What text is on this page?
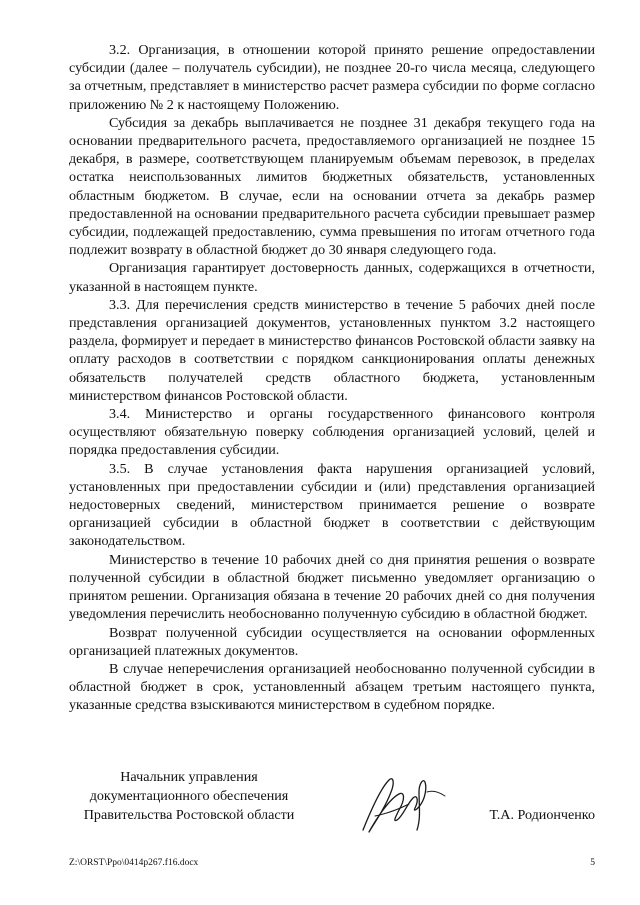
3.2. Организация, в отношении которой принято решение опредоставлении субсидии (далее – получатель субсидии), не позднее 20-го числа месяца, следующего за отчетным, представляет в министерство расчет размера субсидии по форме согласно приложению № 2 к настоящему Положению.

Субсидия за декабрь выплачивается не позднее 31 декабря текущего года на основании предварительного расчета, предоставляемого организацией не позднее 15 декабря, в размере, соответствующем планируемым объемам перевозок, в пределах остатка неиспользованных лимитов бюджетных обязательств, установленных областным бюджетом. В случае, если на основании отчета за декабрь размер предоставленной на основании предварительного расчета субсидии превышает размер субсидии, подлежащей предоставлению, сумма превышения по итогам отчетного года подлежит возврату в областной бюджет до 30 января следующего года.

Организация гарантирует достоверность данных, содержащихся в отчетности, указанной в настоящем пункте.

3.3. Для перечисления средств министерство в течение 5 рабочих дней после представления организацией документов, установленных пунктом 3.2 настоящего раздела, формирует и передает в министерство финансов Ростовской области заявку на оплату расходов в соответствии с порядком санкционирования оплаты денежных обязательств получателей средств областного бюджета, установленным министерством финансов Ростовской области.

3.4. Министерство и органы государственного финансового контроля осуществляют обязательную поверку соблюдения организацией условий, целей и порядка предоставления субсидии.

3.5. В случае установления факта нарушения организацией условий, установленных при предоставлении субсидии и (или) представления организацией недостоверных сведений, министерством принимается решение о возврате организацией субсидии в областной бюджет в соответствии с действующим законодательством.

Министерство в течение 10 рабочих дней со дня принятия решения о возврате полученной субсидии в областной бюджет письменно уведомляет организацию о принятом решении. Организация обязана в течение 20 рабочих дней со дня получения уведомления перечислить необоснованно полученную субсидию в областной бюджет.

Возврат полученной субсидии осуществляется на основании оформленных организацией платежных документов.

В случае неперечисления организацией необоснованно полученной субсидии в областной бюджет в срок, установленный абзацем третьим настоящего пункта, указанные средства взыскиваются министерством в судебном порядке.

Начальник управления
документационного обеспечения
Правительства Ростовской области	Т.А. Родионченко
Z:\ORST\Ppo\0414p267.f16.docx	5
